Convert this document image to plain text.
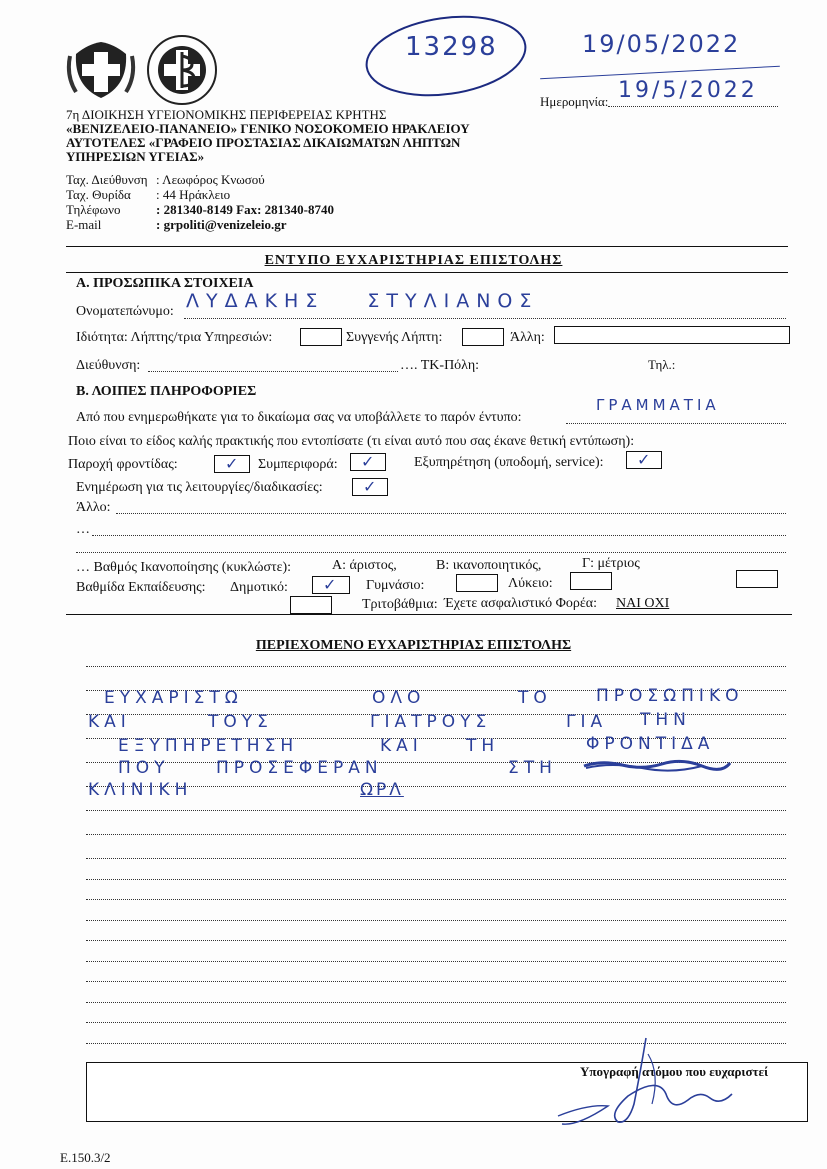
13298	19/05/2022
Ημερομηνία: 19/5/2022
7η ΔΙΟΙΚΗΣΗ ΥΓΕΙΟΝΟΜΙΚΗΣ ΠΕΡΙΦΕΡΕΙΑΣ ΚΡΗΤΗΣ
«ΒΕΝΙΖΕΛΕΙΟ-ΠΑΝΑΝΕΙΟ» ΓΕΝΙΚΟ ΝΟΣΟΚΟΜΕΙΟ ΗΡΑΚΛΕΙΟΥ
ΑΥΤΟΤΕΛΕΣ «ΓΡΑΦΕΙΟ ΠΡΟΣΤΑΣΙΑΣ ΔΙΚΑΙΩΜΑΤΩΝ ΛΗΠΤΩΝ
ΥΠΗΡΕΣΙΩΝ ΥΓΕΙΑΣ»
Ταχ. Διεύθυνση : Λεωφόρος Κνωσού
Ταχ. Θυρίδα : 44 Ηράκλειο
Τηλέφωνο	: 281340-8149 Fax: 281340-8740
E-mail	: grpoliti@venizeleio.gr
ΕΝΤΥΠΟ ΕΥΧΑΡΙΣΤΗΡΙΑΣ ΕΠΙΣΤΟΛΗΣ
Α. ΠΡΟΣΩΠΙΚΑ ΣΤΟΙΧΕΙΑ
Ονοματεπώνυμο: ΛΥΔΑΚΗΣ ΣΤΥΛΙΑΝΟΣ
Ιδιότητα: Λήπτης/τρια Υπηρεσιών:	Συγγενής Λήπτη:	Άλλη:
Διεύθυνση:	…. ΤΚ-Πόλη:	Τηλ.:
Β. ΛΟΙΠΕΣ ΠΛΗΡΟΦΟΡΙΕΣ
Από που ενημερωθήκατε για το δικαίωμα σας να υποβάλλετε το παρόν έντυπο:
ΓΡΑΜΜΑΤΙΑ
Ποιο είναι το είδος καλής πρακτικής που εντοπίσατε (τι είναι αυτό που σας έκανε θετική εντύπωση):
Παροχή φροντίδας:	✓ Συμπεριφορά: ✓	Εξυπηρέτηση (υποδομή, service): ✓
Ενημέρωση για τις λειτουργίες/διαδικασίες:	✓
Άλλο:
…
… Βαθμός Ικανοποίησης (κυκλώστε):	Α: άριστος,	Β: ικανοποιητικός,	Γ: μέτριος
Βαθμίδα Εκπαίδευσης: Δημοτικό: ✓ Γυμνάσιο:	Λύκειο:
Τριτοβάθμια: Έχετε ασφαλιστικό Φορέα: ΝΑΙ ΟΧΙ
ΠΕΡΙΕΧΟΜΕΝΟ ΕΥΧΑΡΙΣΤΗΡΙΑΣ ΕΠΙΣΤΟΛΗΣ
ΕΥΧΑΡΙΣΤΩ	ΟΛΟ	ΤΟ	ΠΡΟΣΩΠΙΚΟ
ΚΑΙ	ΤΟΥΣ	ΓΙΑΤΡΟΥΣ	ΓΙΑ ΤΗΝ
ΕΞΥΠΗΡΕΤΗΣΗ	ΚΑΙ	ΤΗ	ΦΡΟΝΤΙΔΑ
ΠΟΥ	ΠΡΟΣΕΦΕΡΑΝ	ΣΤΗ
ΚΛΙΝΙΚΗ	ΩΡΛ
Υπογραφή ατόμου που ευχαριστεί
Ε.150.3/2
